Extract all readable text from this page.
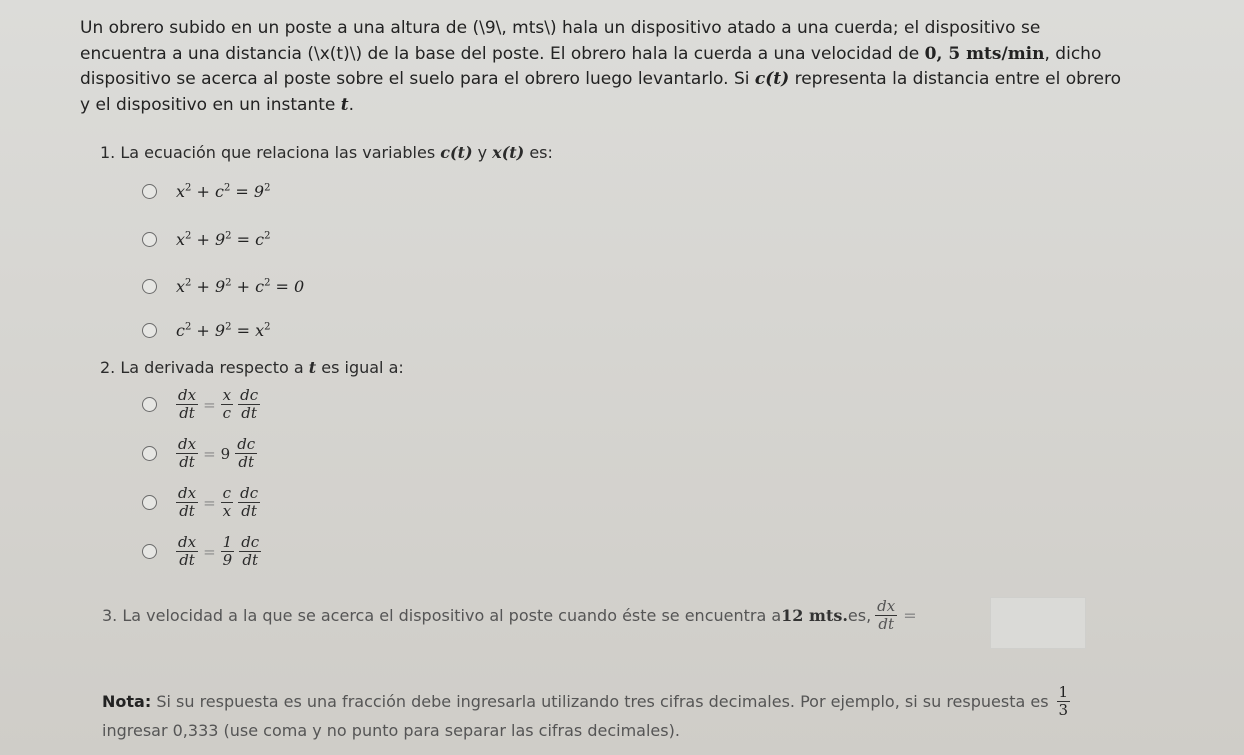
Un obrero subido en un poste a una altura de (\9\, mts\) hala un dispositivo atado a una cuerda; el dispositivo se
encuentra a una distancia (\x(t)\) de la base del poste. El obrero hala la cuerda a una velocidad de 0, 5 mts/min, dicho
dispositivo se acerca al poste sobre el suelo para el obrero luego levantarlo. Si c(t) representa la distancia entre el obrero
y el dispositivo en un instante t.
1. La ecuación que relaciona las variables c(t) y x(t) es:
$x^2 + c^2 = 9^2$
$x^2 + 9^2 = c^2$
$x^2 + 9^2 + c^2 = 0$
$c^2 + 9^2 = x^2$
2. La derivada respecto a t es igual a:
$\frac{dx}{dt} = \frac{x}{c} \frac{dc}{dt}$
$\frac{dx}{dt} = 9 \frac{dc}{dt}$
$\frac{dx}{dt} = \frac{c}{x} \frac{dc}{dt}$
$\frac{dx}{dt} = \frac{1}{9} \frac{dc}{dt}$
3. La velocidad a la que se acerca el dispositivo al poste cuando éste se encuentra a 12 mts. es, $\frac{dx}{dt}$ =
Nota: Si su respuesta es una fracción debe ingresarla utilizando tres cifras decimales. Por ejemplo, si su respuesta es $\frac{1}{3}$
ingresar 0,333 (use coma y no punto para separar las cifras decimales).
